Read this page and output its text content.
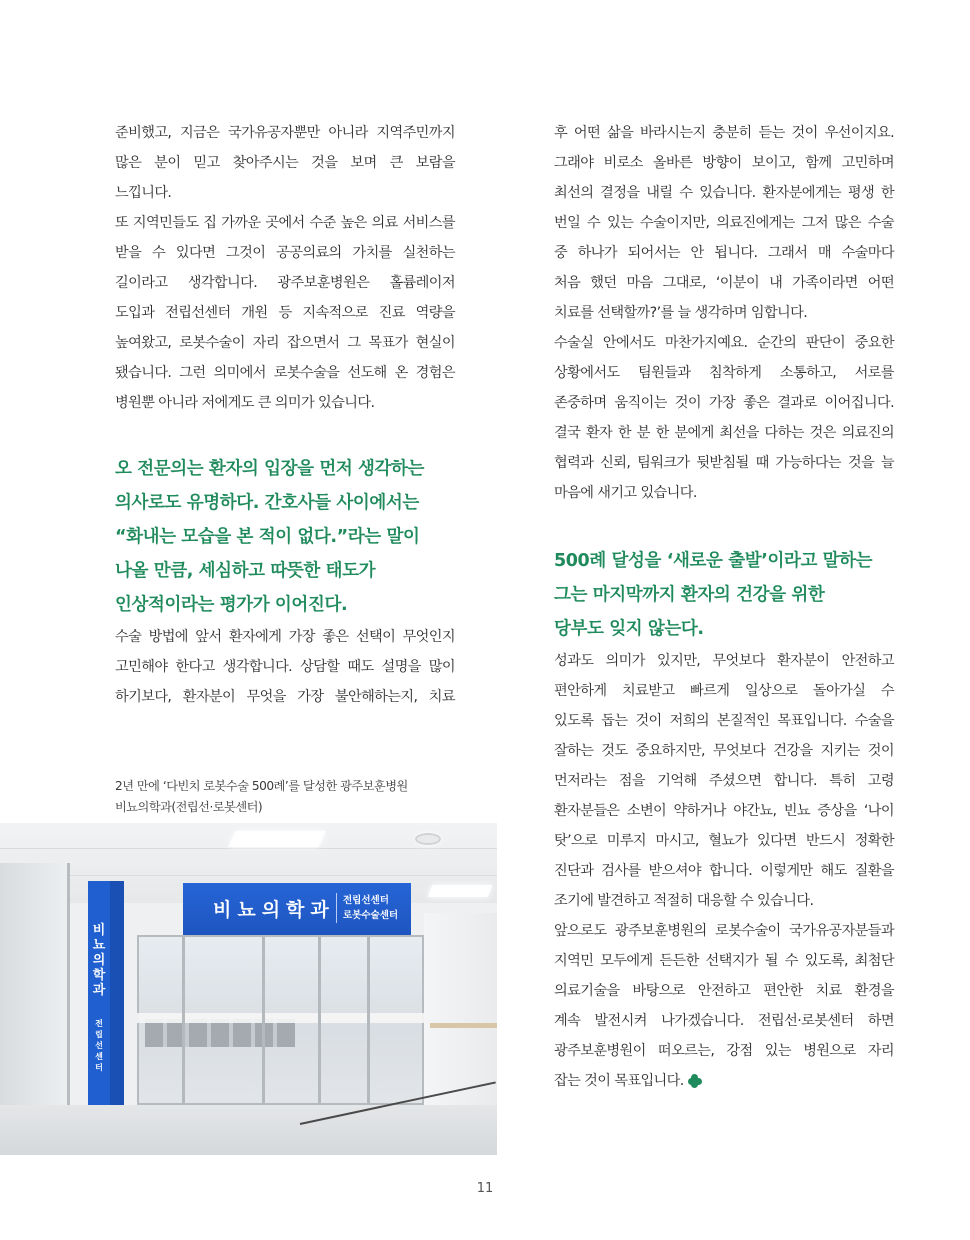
준비했고, 지금은 국가유공자뿐만 아니라 지역주민까지
많은 분이 믿고 찾아주시는 것을 보며 큰 보람을
느낍니다.
또 지역민들도 집 가까운 곳에서 수준 높은 의료 서비스를
받을 수 있다면 그것이 공공의료의 가치를 실천하는
길이라고 생각합니다. 광주보훈병원은 홀륨레이저
도입과 전립선센터 개원 등 지속적으로 진료 역량을
높여왔고, 로봇수술이 자리 잡으면서 그 목표가 현실이
됐습니다. 그런 의미에서 로봇수술을 선도해 온 경험은
병원뿐 아니라 저에게도 큰 의미가 있습니다.
오 전문의는 환자의 입장을 먼저 생각하는
의사로도 유명하다. 간호사들 사이에서는
“화내는 모습을 본 적이 없다.”라는 말이
나올 만큼, 세심하고 따뜻한 태도가
인상적이라는 평가가 이어진다.
수술 방법에 앞서 환자에게 가장 좋은 선택이 무엇인지
고민해야 한다고 생각합니다. 상담할 때도 설명을 많이
하기보다, 환자분이 무엇을 가장 불안해하는지, 치료
2년 만에 ‘다빈치 로봇수술 500례’를 달성한 광주보훈병원
비뇨의학과(전립선·로봇센터)
비
뇨
의
학
과
전
립
선
센
터
비뇨의학과 전립선센터
로봇수술센터
후 어떤 삶을 바라시는지 충분히 듣는 것이 우선이지요.
그래야 비로소 올바른 방향이 보이고, 함께 고민하며
최선의 결정을 내릴 수 있습니다. 환자분에게는 평생 한
번일 수 있는 수술이지만, 의료진에게는 그저 많은 수술
중 하나가 되어서는 안 됩니다. 그래서 매 수술마다
처음 했던 마음 그대로, ‘이분이 내 가족이라면 어떤
치료를 선택할까?’를 늘 생각하며 임합니다.
수술실 안에서도 마찬가지예요. 순간의 판단이 중요한
상황에서도 팀원들과 침착하게 소통하고, 서로를
존중하며 움직이는 것이 가장 좋은 결과로 이어집니다.
결국 환자 한 분 한 분에게 최선을 다하는 것은 의료진의
협력과 신뢰, 팀워크가 뒷받침될 때 가능하다는 것을 늘
마음에 새기고 있습니다.
500례 달성을 ‘새로운 출발’이라고 말하는
그는 마지막까지 환자의 건강을 위한
당부도 잊지 않는다.
성과도 의미가 있지만, 무엇보다 환자분이 안전하고
편안하게 치료받고 빠르게 일상으로 돌아가실 수
있도록 돕는 것이 저희의 본질적인 목표입니다. 수술을
잘하는 것도 중요하지만, 무엇보다 건강을 지키는 것이
먼저라는 점을 기억해 주셨으면 합니다. 특히 고령
환자분들은 소변이 약하거나 야간뇨, 빈뇨 증상을 ‘나이
탓’으로 미루지 마시고, 혈뇨가 있다면 반드시 정확한
진단과 검사를 받으셔야 합니다. 이렇게만 해도 질환을
조기에 발견하고 적절히 대응할 수 있습니다.
앞으로도 광주보훈병원의 로봇수술이 국가유공자분들과
지역민 모두에게 든든한 선택지가 될 수 있도록, 최첨단
의료기술을 바탕으로 안전하고 편안한 치료 환경을
계속 발전시켜 나가겠습니다. 전립선·로봇센터 하면
광주보훈병원이 떠오르는, 강점 있는 병원으로 자리
잡는 것이 목표입니다.
11
